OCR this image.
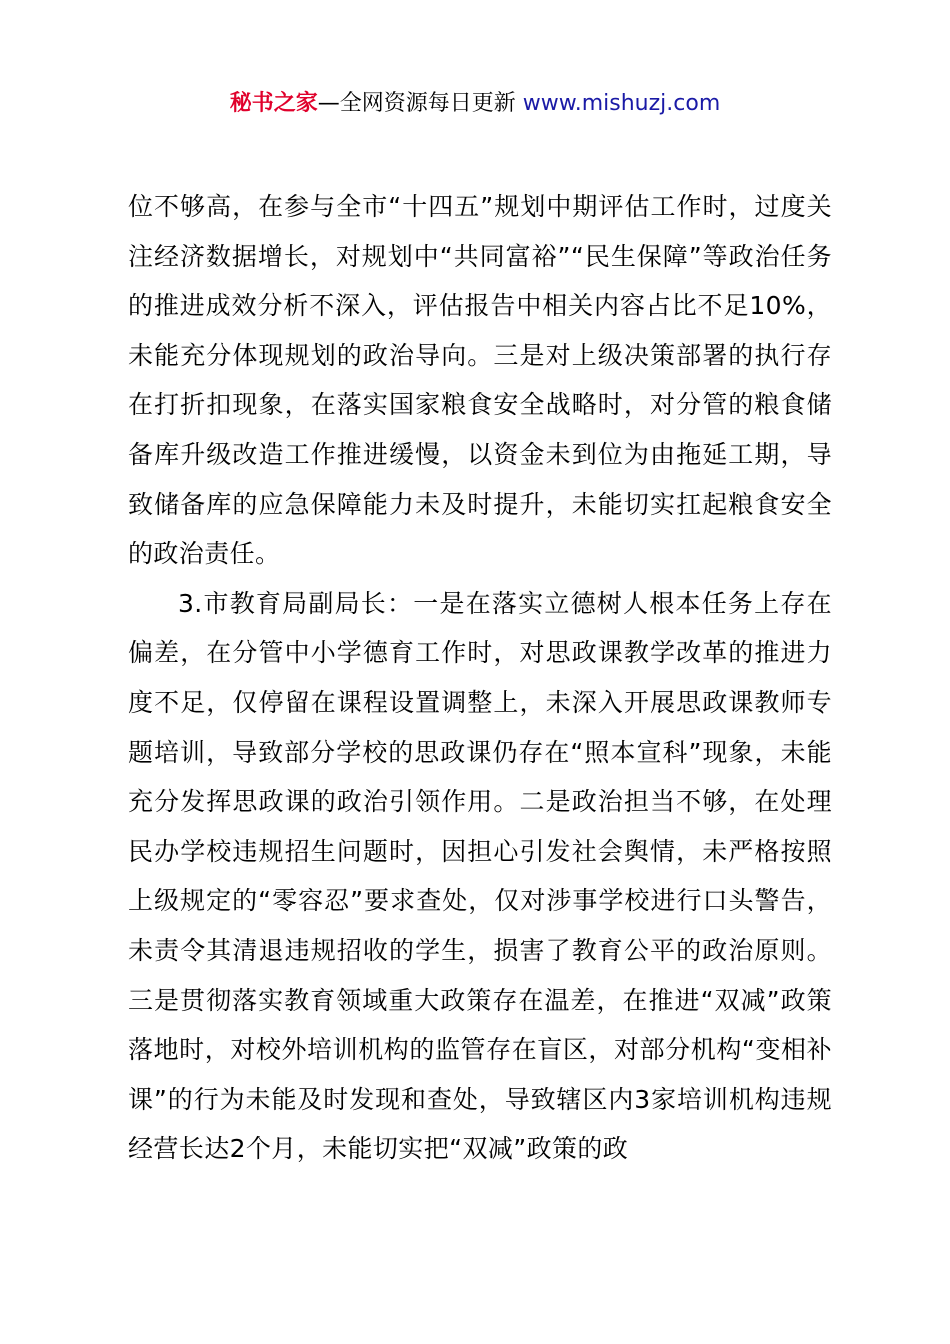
秘书之家—全网资源每日更新 www.mishuzj.com

位不够高，在参与全市“十四五”规划中期评估工作时，过度关注经济数据增长，对规划中“共同富裕”“民生保障”等政治任务的推进成效分析不深入，评估报告中相关内容占比不足10%，未能充分体现规划的政治导向。三是对上级决策部署的执行存在打折扣现象，在落实国家粮食安全战略时，对分管的粮食储备库升级改造工作推进缓慢，以资金未到位为由拖延工期，导致储备库的应急保障能力未及时提升，未能切实扛起粮食安全的政治责任。

3.市教育局副局长：一是在落实立德树人根本任务上存在偏差，在分管中小学德育工作时，对思政课教学改革的推进力度不足，仅停留在课程设置调整上，未深入开展思政课教师专题培训，导致部分学校的思政课仍存在“照本宣科”现象，未能充分发挥思政课的政治引领作用。二是政治担当不够，在处理民办学校违规招生问题时，因担心引发社会舆情，未严格按照上级规定的“零容忍”要求查处，仅对涉事学校进行口头警告，未责令其清退违规招收的学生，损害了教育公平的政治原则。三是贯彻落实教育领域重大政策存在温差，在推进“双减”政策落地时，对校外培训机构的监管存在盲区，对部分机构“变相补课”的行为未能及时发现和查处，导致辖区内3家培训机构违规经营长达2个月，未能切实把“双减”政策的政
